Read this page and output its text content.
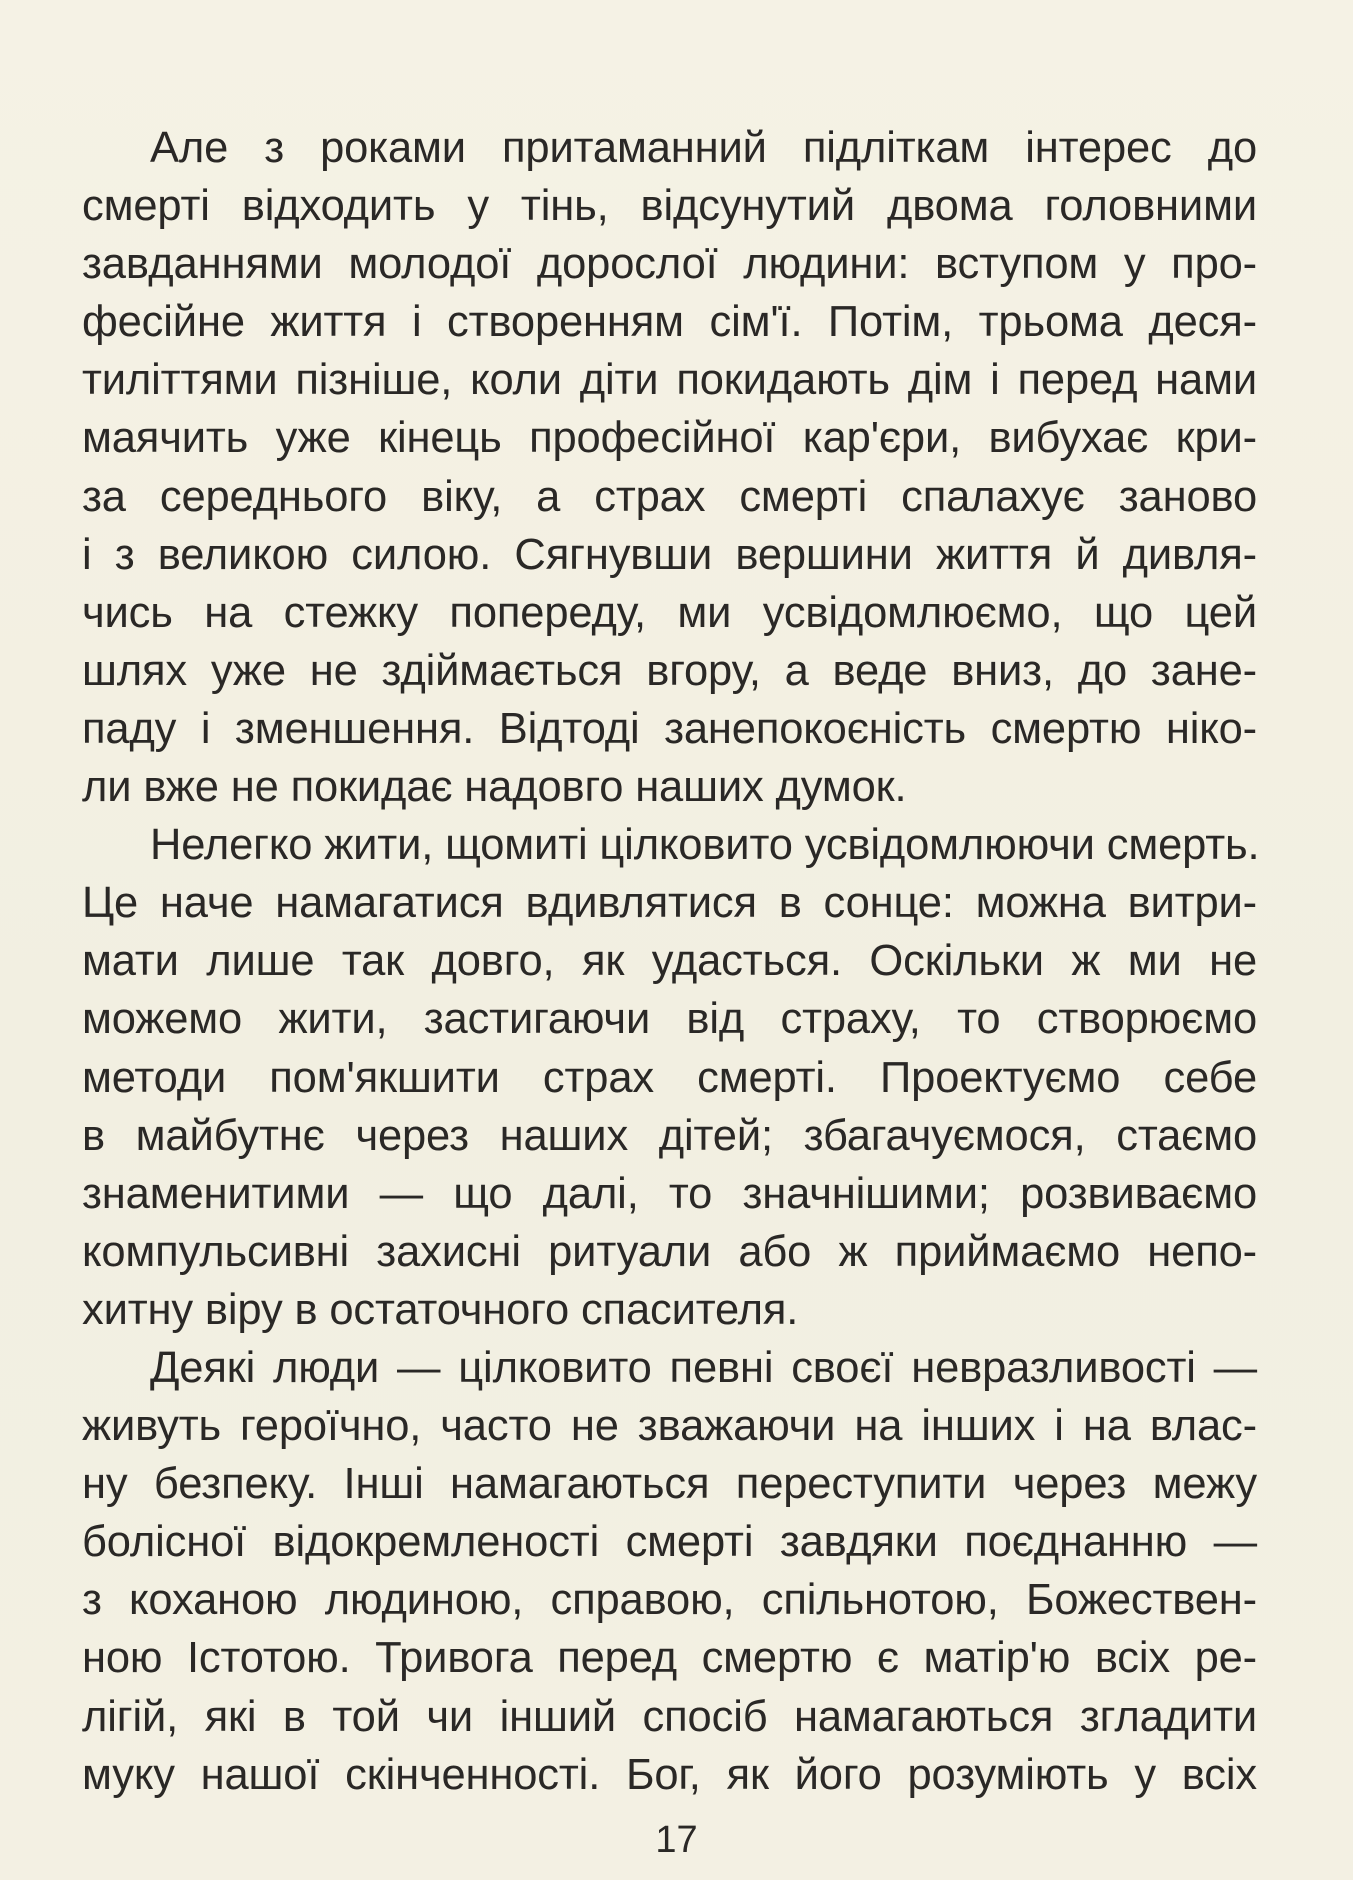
Але з роками притаманний підліткам інтерес до
смерті відходить у тінь, відсунутий двома головними
завданнями молодої дорослої людини: вступом у про-
фесійне життя і створенням сім'ї. Потім, трьома деся-
тиліттями пізніше, коли діти покидають дім і перед нами
маячить уже кінець професійної кар'єри, вибухає кри-
за середнього віку, а страх смерті спалахує заново
і з великою силою. Сягнувши вершини життя й дивля-
чись на стежку попереду, ми усвідомлюємо, що цей
шлях уже не здіймається вгору, а веде вниз, до зане-
паду і зменшення. Відтоді занепокоєність смертю ніко-
ли вже не покидає надовго наших думок.
Нелегко жити, щомиті цілковито усвідомлюючи смерть.
Це наче намагатися вдивлятися в сонце: можна витри-
мати лише так довго, як удасться. Оскільки ж ми не
можемо жити, застигаючи від страху, то створюємо
методи пом'якшити страх смерті. Проектуємо себе
в майбутнє через наших дітей; збагачуємося, стаємо
знаменитими — що далі, то значнішими; розвиваємо
компульсивні захисні ритуали або ж приймаємо непо-
хитну віру в остаточного спасителя.
Деякі люди — цілковито певні своєї невразливості —
живуть героїчно, часто не зважаючи на інших і на влас-
ну безпеку. Інші намагаються переступити через межу
болісної відокремленості смерті завдяки поєднанню —
з коханою людиною, справою, спільнотою, Божествен-
ною Істотою. Тривога перед смертю є матір'ю всіх ре-
лігій, які в той чи інший спосіб намагаються згладити
муку нашої скінченності. Бог, як його розуміють у всіх
17
